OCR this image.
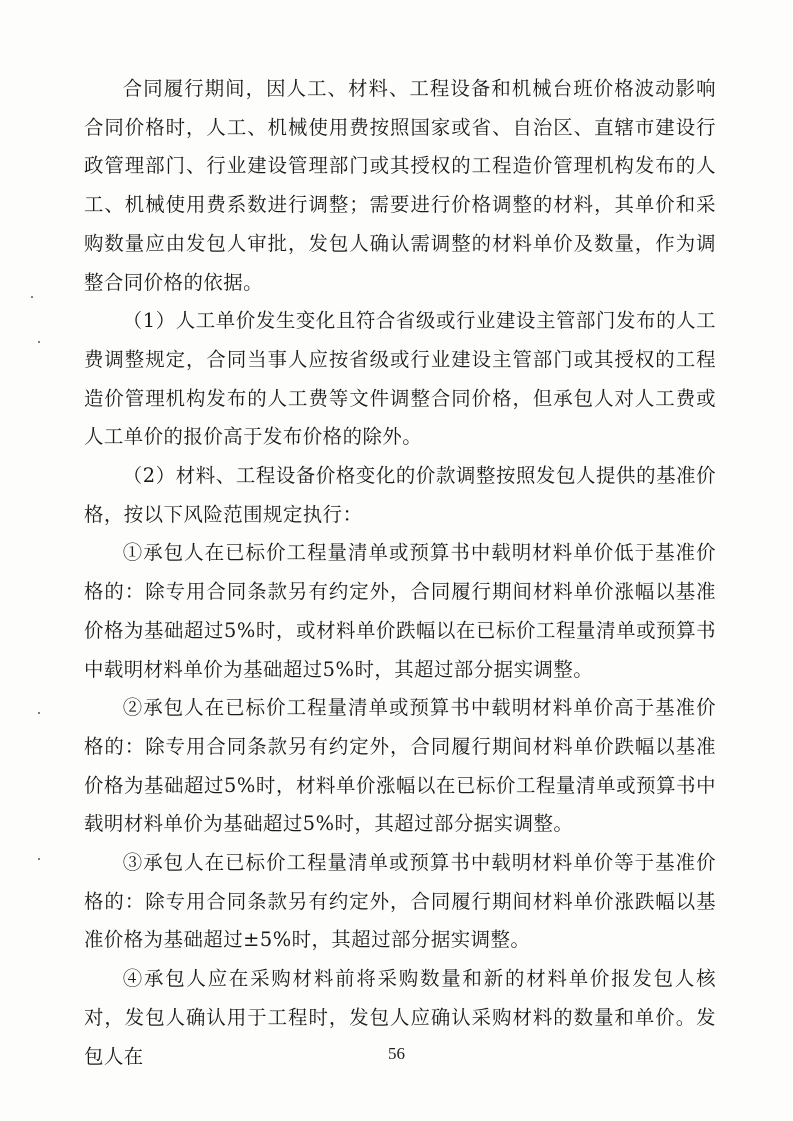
合同履行期间，因人工、材料、工程设备和机械台班价格波动影响合同价格时，人工、机械使用费按照国家或省、自治区、直辖市建设行政管理部门、行业建设管理部门或其授权的工程造价管理机构发布的人工、机械使用费系数进行调整；需要进行价格调整的材料，其单价和采购数量应由发包人审批，发包人确认需调整的材料单价及数量，作为调整合同价格的依据。

（1）人工单价发生变化且符合省级或行业建设主管部门发布的人工费调整规定，合同当事人应按省级或行业建设主管部门或其授权的工程造价管理机构发布的人工费等文件调整合同价格，但承包人对人工费或人工单价的报价高于发布价格的除外。

（2）材料、工程设备价格变化的价款调整按照发包人提供的基准价格，按以下风险范围规定执行：

①承包人在已标价工程量清单或预算书中载明材料单价低于基准价格的：除专用合同条款另有约定外，合同履行期间材料单价涨幅以基准价格为基础超过5%时，或材料单价跌幅以在已标价工程量清单或预算书中载明材料单价为基础超过5%时，其超过部分据实调整。

②承包人在已标价工程量清单或预算书中载明材料单价高于基准价格的：除专用合同条款另有约定外，合同履行期间材料单价跌幅以基准价格为基础超过5%时，材料单价涨幅以在已标价工程量清单或预算书中载明材料单价为基础超过5%时，其超过部分据实调整。

③承包人在已标价工程量清单或预算书中载明材料单价等于基准价格的：除专用合同条款另有约定外，合同履行期间材料单价涨跌幅以基准价格为基础超过±5%时，其超过部分据实调整。

④承包人应在采购材料前将采购数量和新的材料单价报发包人核对，发包人确认用于工程时，发包人应确认采购材料的数量和单价。发包人在	56
